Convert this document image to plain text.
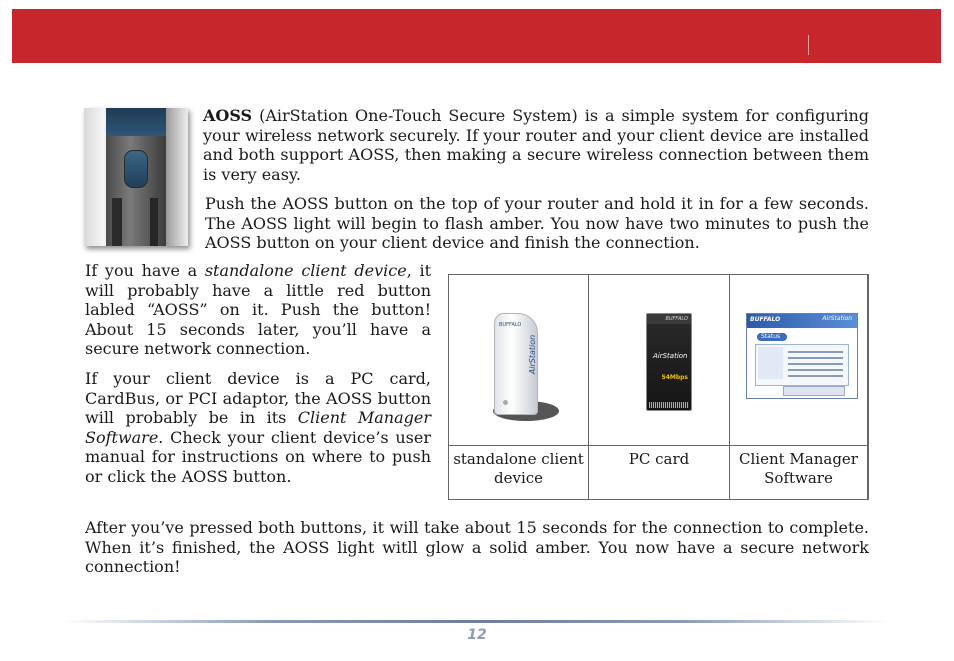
AOSS (AirStation One-Touch Secure System) is a simple system for configuring your wireless network securely. If your router and your client device are installed and both support AOSS, then making a secure wireless connection between them is very easy.

Push the AOSS button on the top of your router and hold it in for a few seconds. The AOSS light will begin to flash amber. You now have two minutes to push the AOSS button on your client device and finish the connection.

If you have a standalone client device, it will probably have a little red button labled “AOSS” on it. Push the button! About 15 seconds later, you’ll have a secure network connection.

If your client device is a PC card, CardBus, or PCI adaptor, the AOSS button will probably be in its Client Manager Software. Check your client device’s user manual for instructions on where to push or click the AOSS button.

BUFFALO
AirStation
standalone client device
BUFFALO
AirStation
54Mbps
PC card
BUFFALO	AirStation
Status
Client Manager Software

After you’ve pressed both buttons, it will take about 15 seconds for the connection to complete. When it’s finished, the AOSS light witll glow a solid amber. You now have a secure network connection!

12
